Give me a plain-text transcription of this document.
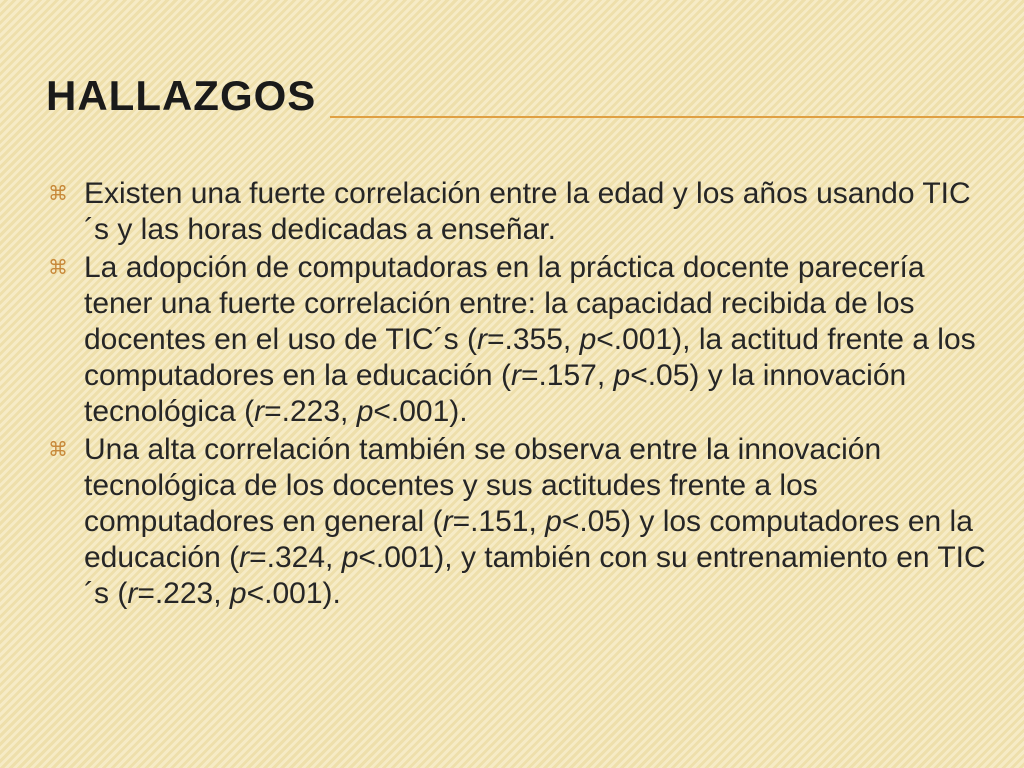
HALLAZGOS
⌘ Existen una fuerte correlación entre la edad y los años usando TIC´s y las horas dedicadas a enseñar.
⌘ La adopción de computadoras en la práctica docente parecería tener una fuerte correlación entre: la capacidad recibida de los docentes en el uso de TIC´s (r=.355, p<.001), la actitud frente a los computadores en la educación (r=.157, p<.05) y la innovación tecnológica (r=.223, p<.001).
⌘ Una alta correlación también se observa entre la innovación tecnológica de los docentes y sus actitudes frente a los computadores en general (r=.151, p<.05) y los computadores en la educación (r=.324, p<.001), y también con su entrenamiento en TIC´s (r=.223, p<.001).
